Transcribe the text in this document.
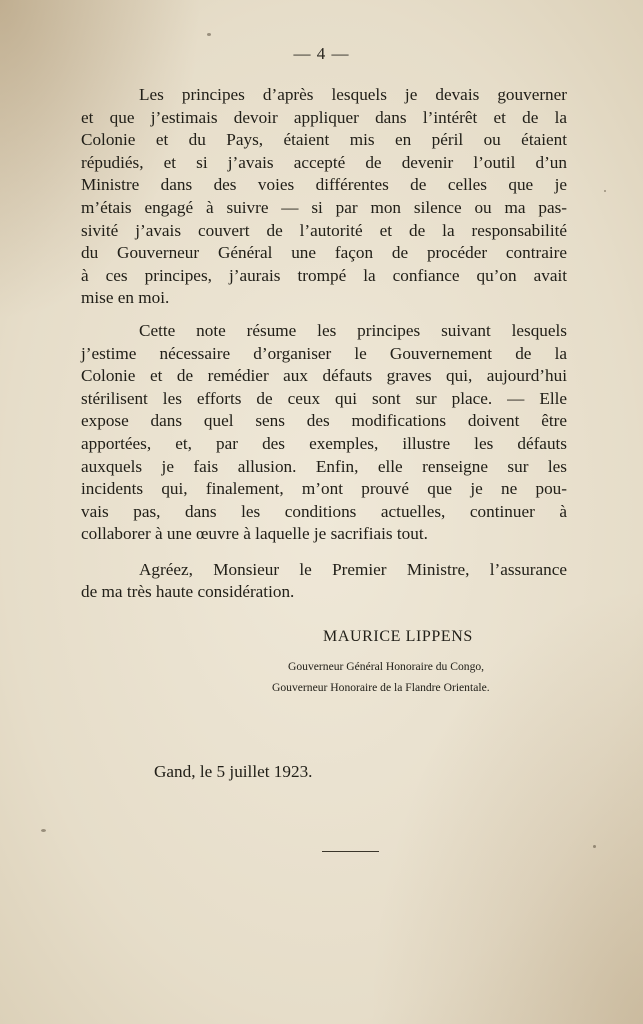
— 4 —

Les principes d’après lesquels je devais gouverner
et que j’estimais devoir appliquer dans l’intérêt et de la
Colonie et du Pays, étaient mis en péril ou étaient
répudiés, et si j’avais accepté de devenir l’outil d’un
Ministre dans des voies différentes de celles que je
m’étais engagé à suivre — si par mon silence ou ma pas-
sivité j’avais couvert de l’autorité et de la responsabilité
du Gouverneur Général une façon de procéder contraire
à ces principes, j’aurais trompé la confiance qu’on avait
mise en moi.

Cette note résume les principes suivant lesquels
j’estime nécessaire d’organiser le Gouvernement de la
Colonie et de remédier aux défauts graves qui, aujourd’hui
stérilisent les efforts de ceux qui sont sur place. — Elle
expose dans quel sens des modifications doivent être
apportées, et, par des exemples, illustre les défauts
auxquels je fais allusion. Enfin, elle renseigne sur les
incidents qui, finalement, m’ont prouvé que je ne pou-
vais pas, dans les conditions actuelles, continuer à
collaborer à une œuvre à laquelle je sacrifiais tout.

Agréez, Monsieur le Premier Ministre, l’assurance
de ma très haute considération.

MAURICE LIPPENS
Gouverneur Général Honoraire du Congo,
Gouverneur Honoraire de la Flandre Orientale.
Gand, le 5 juillet 1923.
